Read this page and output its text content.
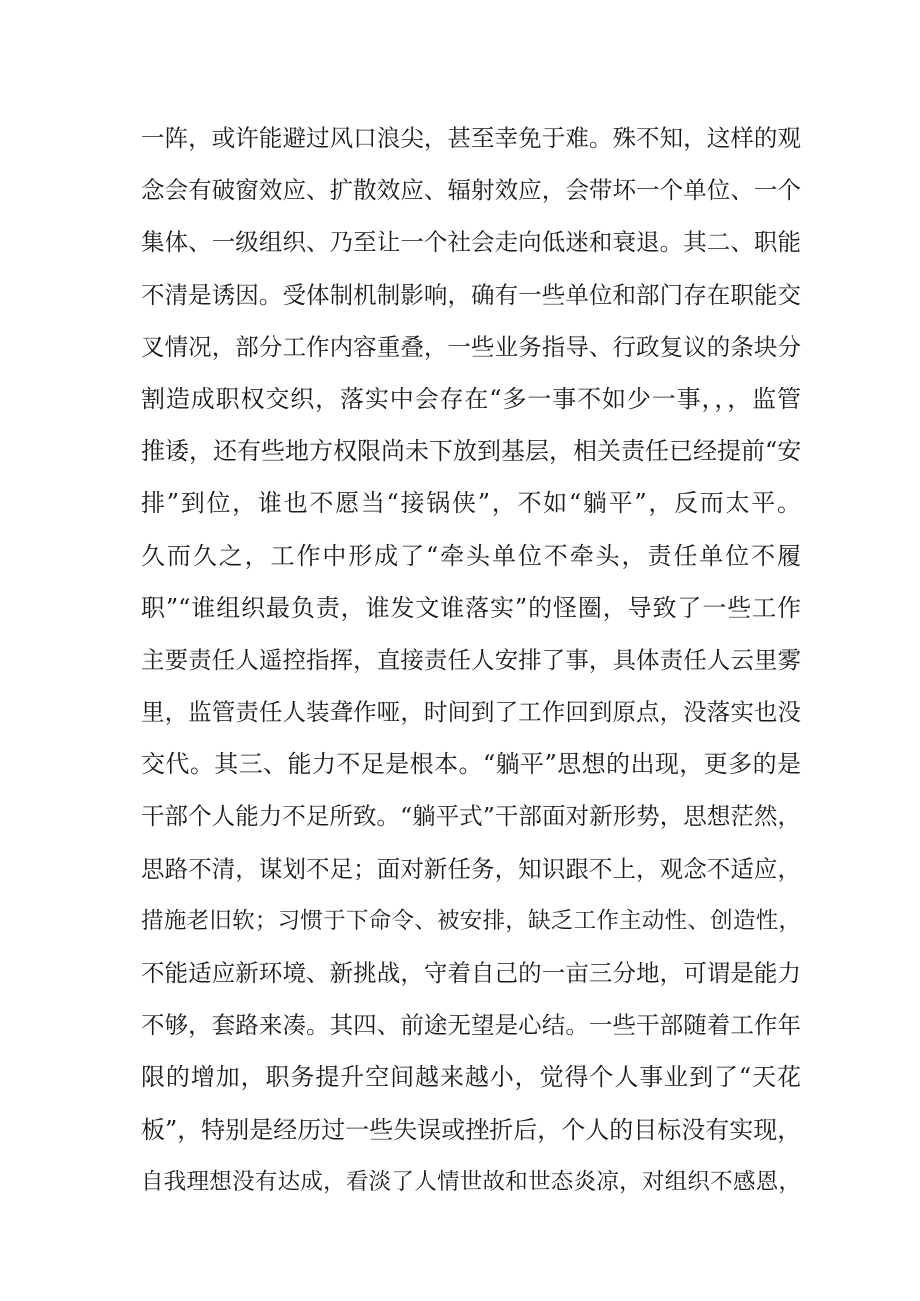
一阵，或许能避过风口浪尖，甚至幸免于难。殊不知，这样的观
念会有破窗效应、扩散效应、辐射效应，会带坏一个单位、一个
集体、一级组织、乃至让一个社会走向低迷和衰退。其二、职能
不清是诱因。受体制机制影响，确有一些单位和部门存在职能交
叉情况，部分工作内容重叠，一些业务指导、行政复议的条块分
割造成职权交织，落实中会存在“多一事不如少一事，，，监管
推诿，还有些地方权限尚未下放到基层，相关责任已经提前“安
排”到位，谁也不愿当“接锅侠”，不如“躺平”，反而太平。
久而久之，工作中形成了“牵头单位不牵头，责任单位不履
职”“谁组织最负责，谁发文谁落实”的怪圈，导致了一些工作
主要责任人遥控指挥，直接责任人安排了事，具体责任人云里雾
里，监管责任人装聋作哑，时间到了工作回到原点，没落实也没
交代。其三、能力不足是根本。“躺平”思想的出现，更多的是
干部个人能力不足所致。“躺平式”干部面对新形势，思想茫然，
思路不清，谋划不足；面对新任务，知识跟不上，观念不适应，
措施老旧软；习惯于下命令、被安排，缺乏工作主动性、创造性，
不能适应新环境、新挑战，守着自己的一亩三分地，可谓是能力
不够，套路来凑。其四、前途无望是心结。一些干部随着工作年
限的增加，职务提升空间越来越小，觉得个人事业到了“天花
板”，特别是经历过一些失误或挫折后，个人的目标没有实现，
自我理想没有达成，看淡了人情世故和世态炎凉，对组织不感恩，
